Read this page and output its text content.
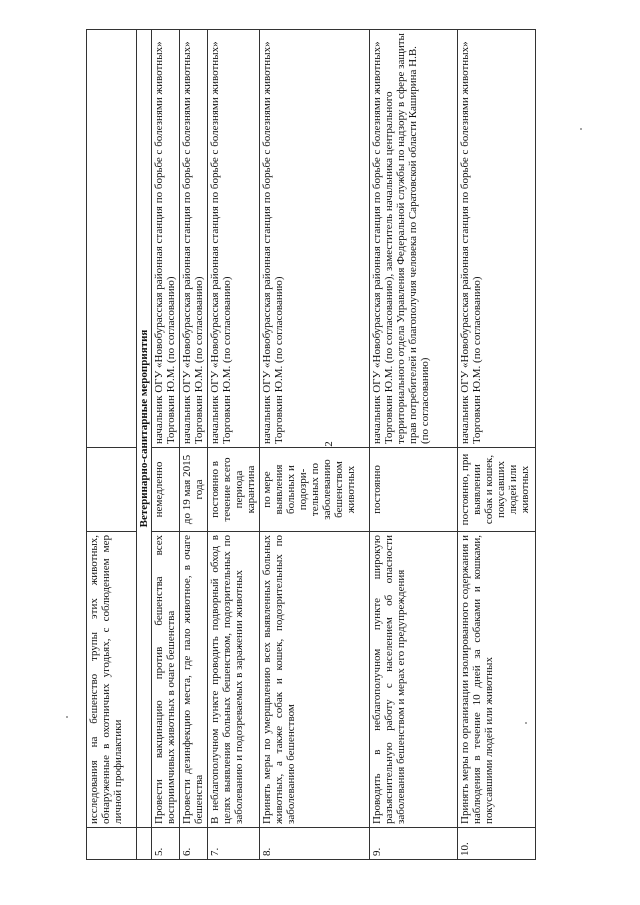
2
	исследования на бешенство трупы этих животных, обнаруженные в охотничьих угодьях, с соблюдением мер личной профилактики		
	Ветеринарно-санитарные мероприятия		
5.	Провести вакцинацию против бешенства всех восприимчивых животных в очаге бешенства	немедленно	начальник ОГУ «Новобурасская районная станция по борьбе с болезнями животных» Торговкин Ю.М. (по согласованию)
6.	Провести дезинфекцию места, где пало животное, в очаге бешенства	до 19 мая 2015 года	начальник ОГУ «Новобурасская районная станция по борьбе с болезнями животных» Торговкин Ю.М. (по согласованию)
7.	В неблагополучном пункте проводить подворный обход в целях выявления больных бешенством, подозрительных по заболеванию и подозреваемых в заражении животных	постоянно в течение всего периода карантина	начальник ОГУ «Новобурасская районная станция по борьбе с болезнями животных» Торговкин Ю.М. (по согласованию)
8.	Принять меры по умерщвлению всех выявленных больных животных, а также собак и кошек, подозрительных по заболеванию бешенством	по мере выявления больных и подозри- тельных по заболеванию бешенством животных	начальник ОГУ «Новобурасская районная станция по борьбе с болезнями животных» Торговкин Ю.М. (по согласованию)
9.	Проводить в неблагополучном пункте широкую разъяснительную работу с населением об опасности заболевания бешенством и мерах его предупреждения	постоянно	начальник ОГУ «Новобурасская районная станция по борьбе с болезнями животных» Торговкин Ю.М. (по согласованию), заместитель начальника центрального территориального отдела Управления Федеральной службы по надзору в сфере защиты прав потребителей и благополучия человека по Саратовской области Каширина Н.В. (по согласованию)
10.	Принять меры по организации изолированного содержания и наблюдения в течение 10 дней за собаками и кошками, покусавшими людей или животных	постоянно, при выявлении собак и кошек, покусавших людей или животных	начальник ОГУ «Новобурасская районная станция по борьбе с болезнями животных» Торговкин Ю.М. (по согласованию)
